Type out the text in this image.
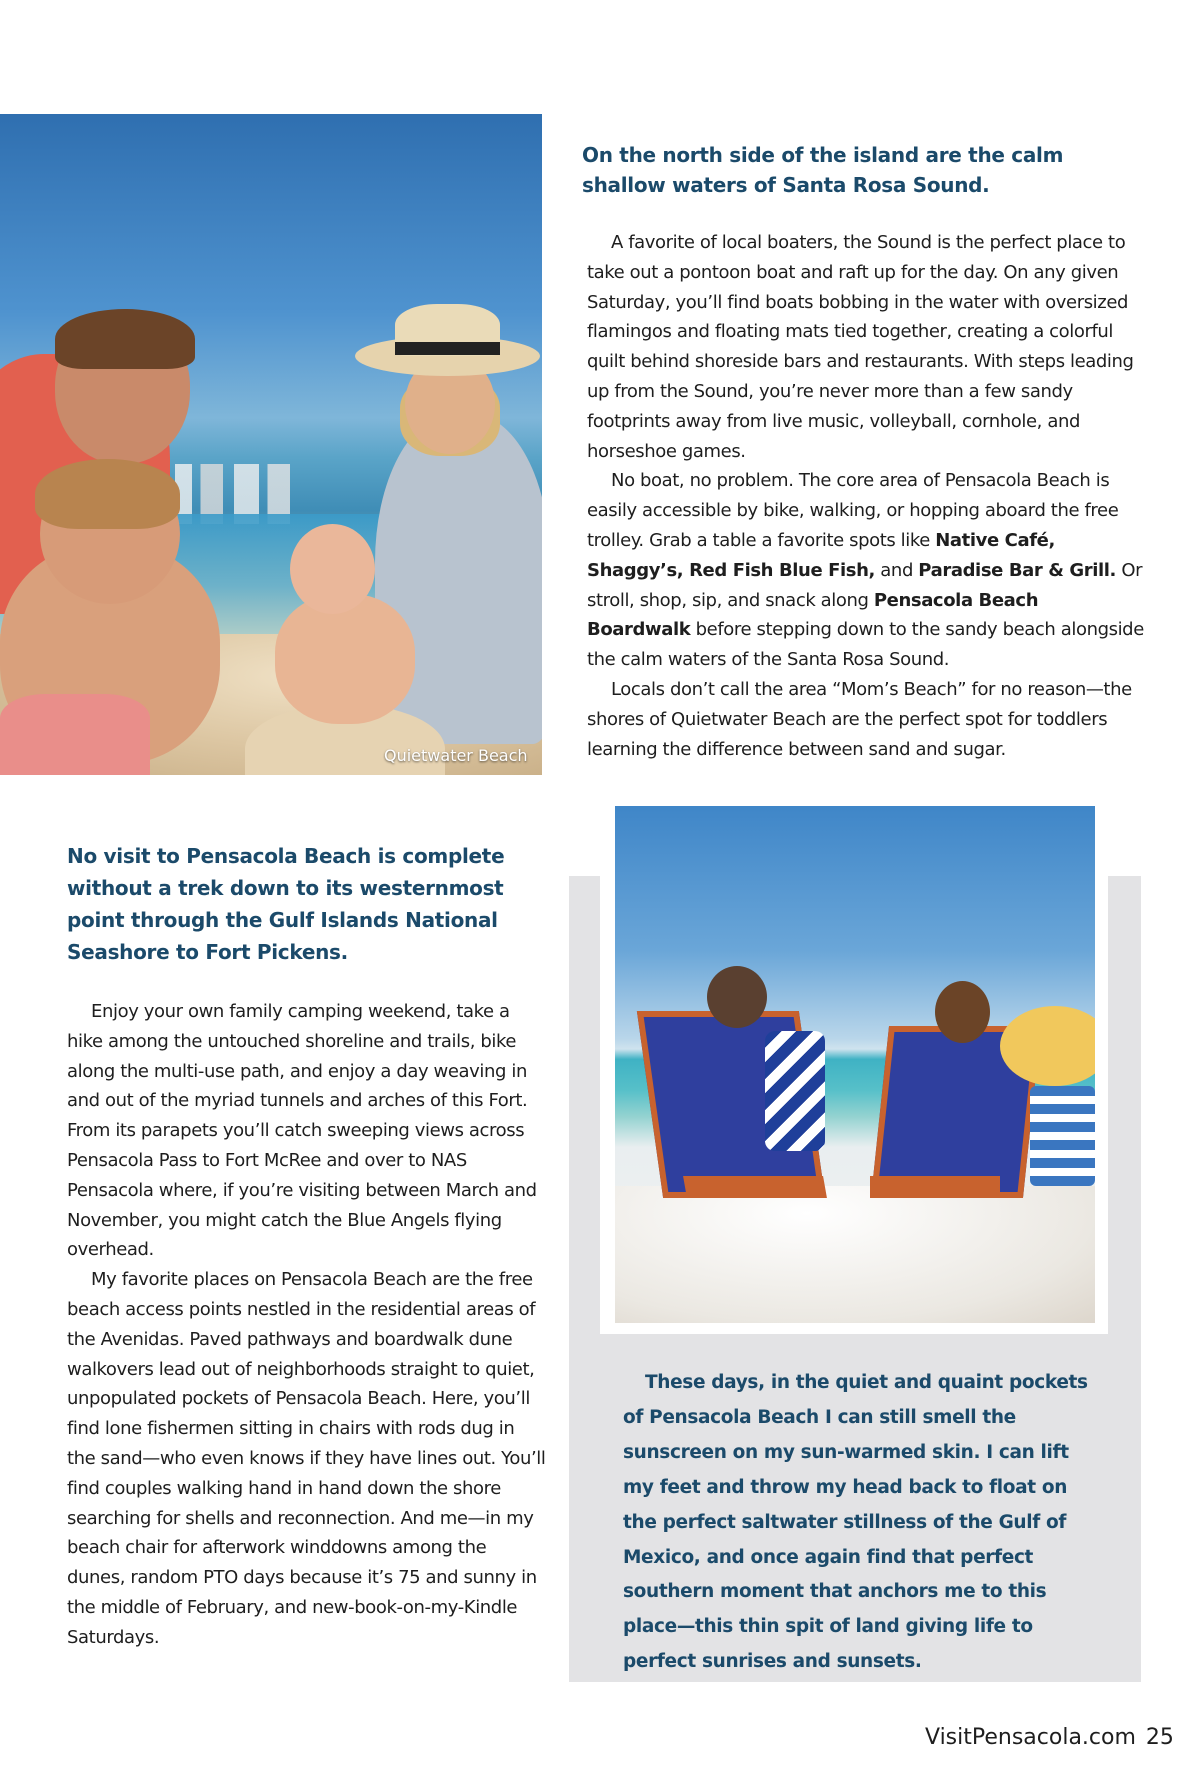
Quietwater Beach
On the north side of the island are the calm shallow waters of Santa Rosa Sound.

A favorite of local boaters, the Sound is the perfect place to take out a pontoon boat and raft up for the day. On any given Saturday, you’ll find boats bobbing in the water with oversized flamingos and floating mats tied together, creating a colorful quilt behind shoreside bars and restaurants. With steps leading up from the Sound, you’re never more than a few sandy footprints away from live music, volleyball, cornhole, and horseshoe games.

No boat, no problem. The core area of Pensacola Beach is easily accessible by bike, walking, or hopping aboard the free trolley. Grab a table a favorite spots like Native Café, Shaggy’s, Red Fish Blue Fish, and Paradise Bar & Grill. Or stroll, shop, sip, and snack along Pensacola Beach Boardwalk before stepping down to the sandy beach alongside the calm waters of the Santa Rosa Sound.

Locals don’t call the area “Mom’s Beach” for no reason—the shores of Quietwater Beach are the perfect spot for toddlers learning the difference between sand and sugar.

No visit to Pensacola Beach is complete without a trek down to its westernmost point through the Gulf Islands National Seashore to Fort Pickens.

Enjoy your own family camping weekend, take a hike among the untouched shoreline and trails, bike along the multi-use path, and enjoy a day weaving in and out of the myriad tunnels and arches of this Fort. From its parapets you’ll catch sweeping views across Pensacola Pass to Fort McRee and over to NAS Pensacola where, if you’re visiting between March and November, you might catch the Blue Angels flying overhead.

My favorite places on Pensacola Beach are the free beach access points nestled in the residential areas of the Avenidas. Paved pathways and boardwalk dune walkovers lead out of neighborhoods straight to quiet, unpopulated pockets of Pensacola Beach. Here, you’ll find lone fishermen sitting in chairs with rods dug in the sand—who even knows if they have lines out. You’ll find couples walking hand in hand down the shore searching for shells and reconnection. And me—in my beach chair for afterwork winddowns among the dunes, random PTO days because it’s 75 and sunny in the middle of February, and new-book-on-my-Kindle Saturdays.

These days, in the quiet and quaint pockets of Pensacola Beach I can still smell the sunscreen on my sun-warmed skin. I can lift my feet and throw my head back to float on the perfect saltwater stillness of the Gulf of Mexico, and once again find that perfect southern moment that anchors me to this place—this thin spit of land giving life to perfect sunrises and sunsets.
VisitPensacola.com 25
